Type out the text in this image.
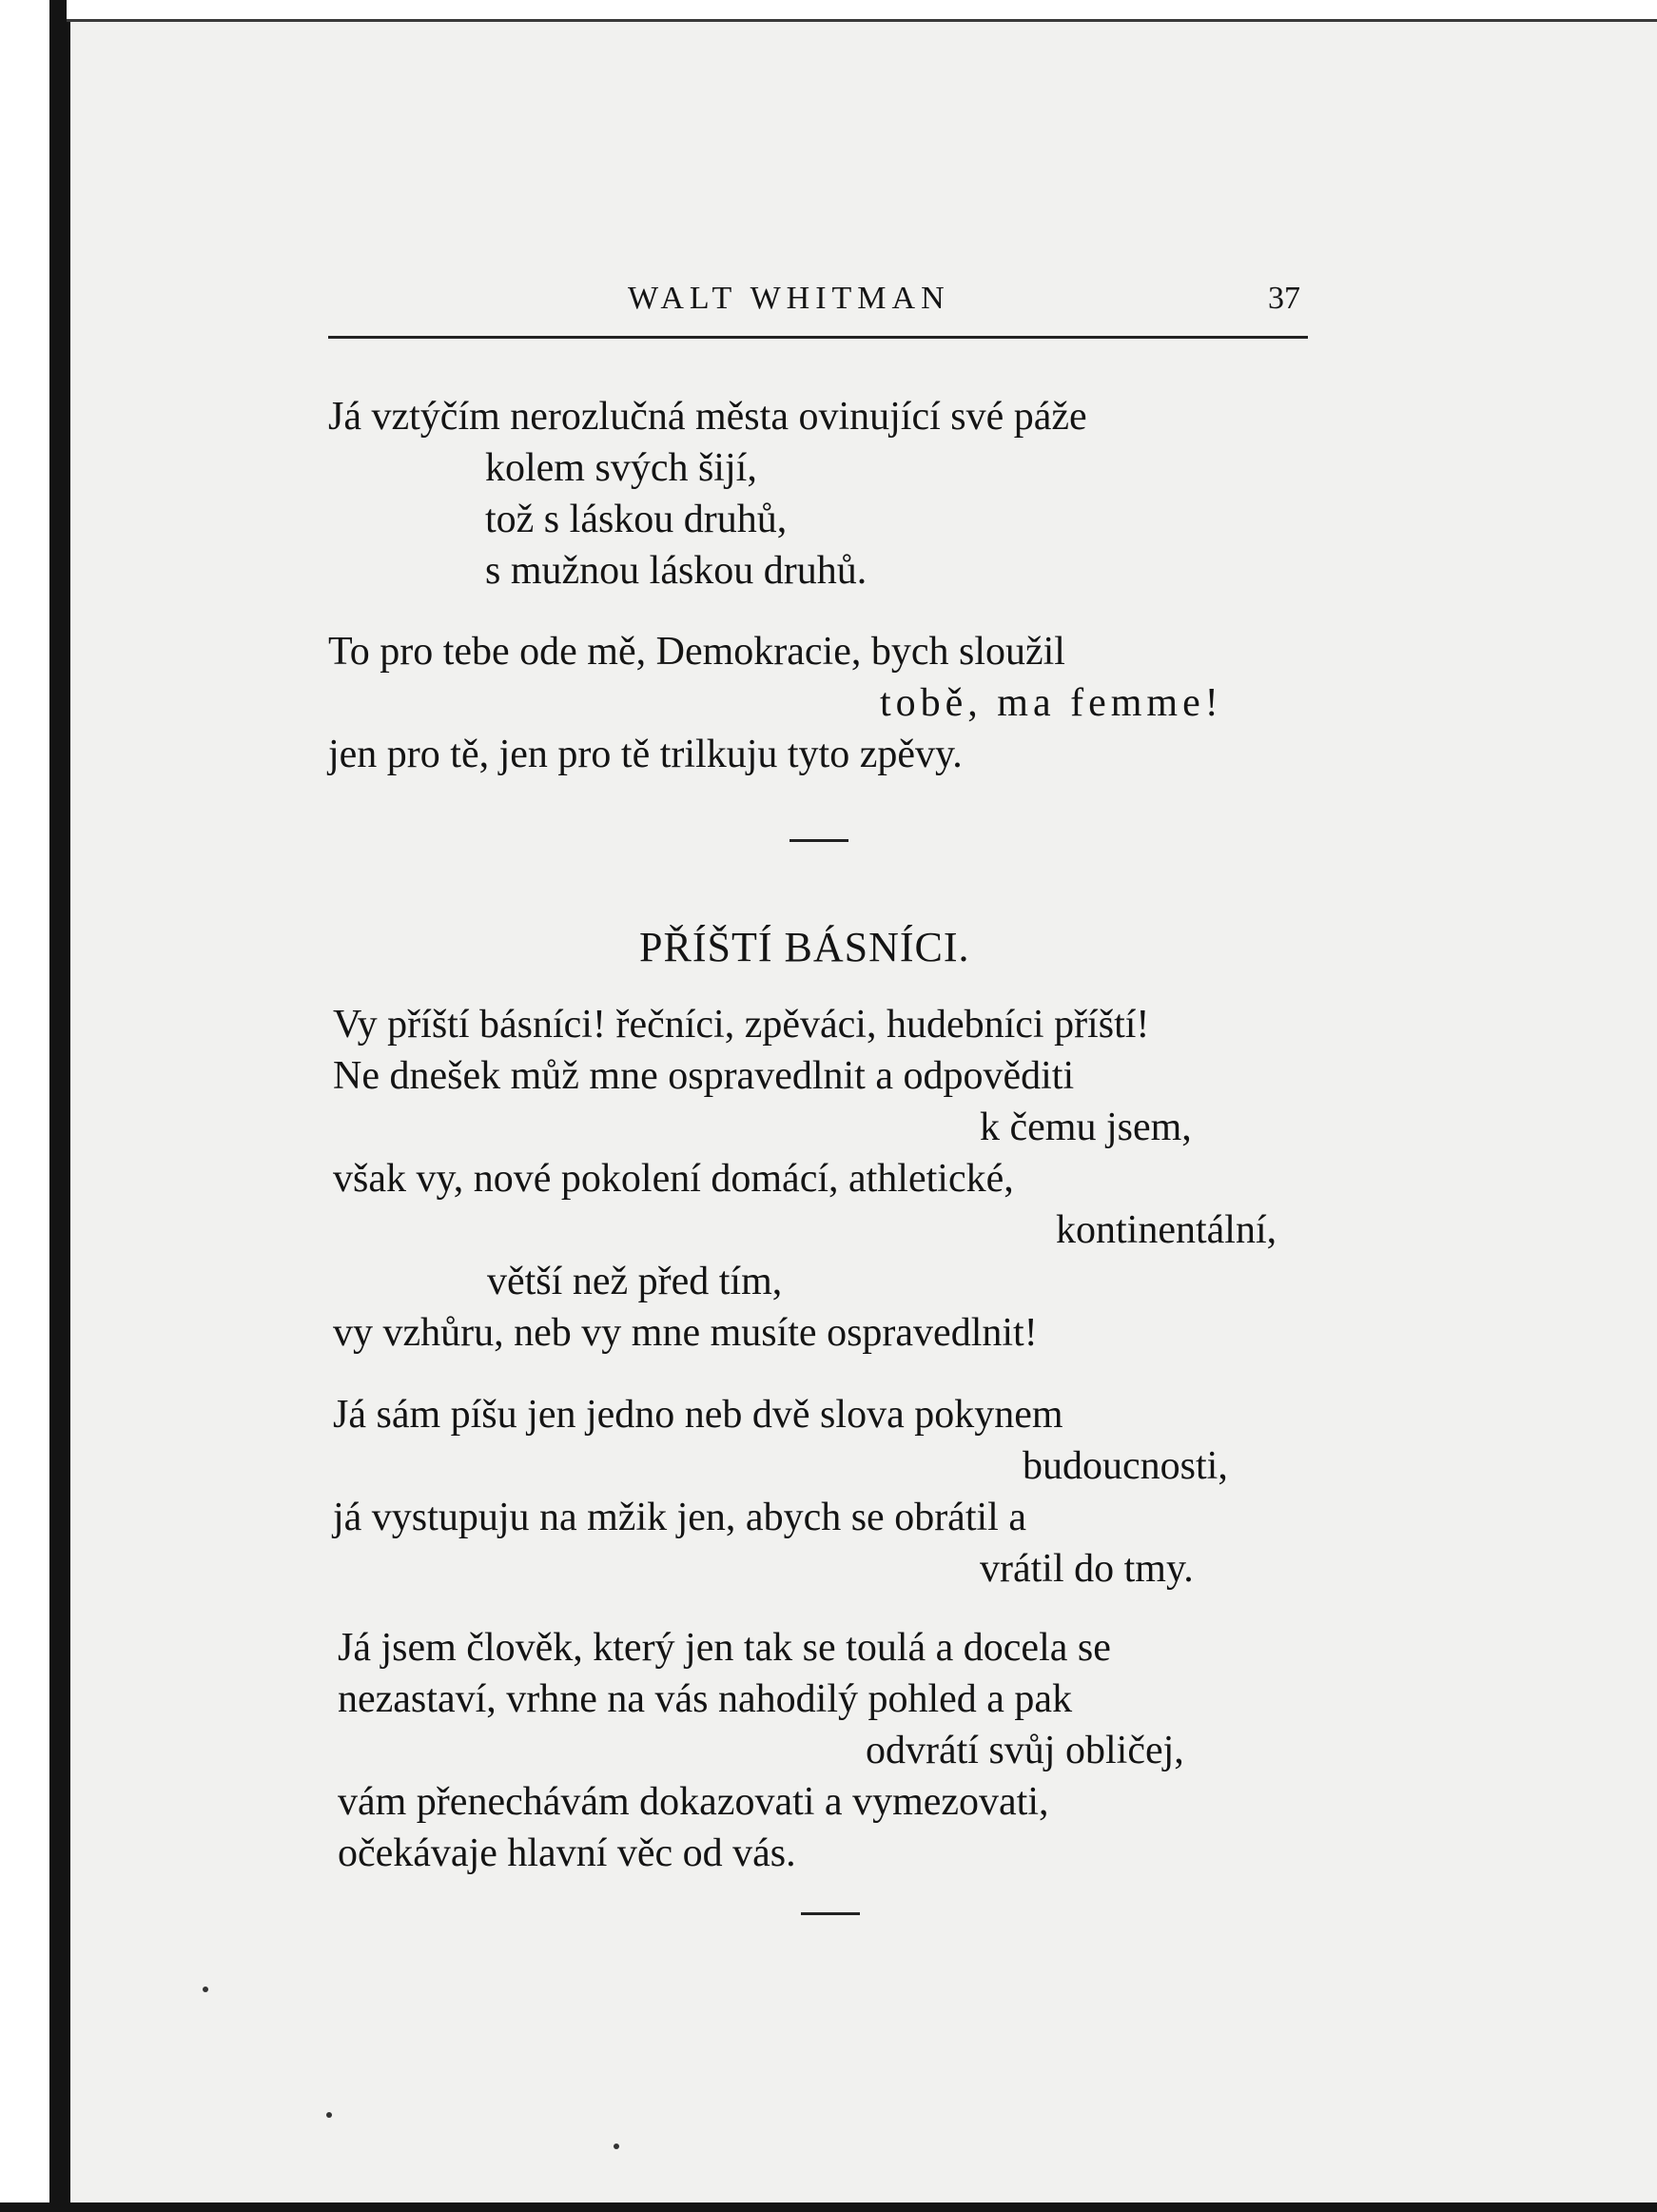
WALT WHITMAN	37
Já vztýčím nerozlučná města ovinující své páže
kolem svých šijí,
tož s láskou druhů,
s mužnou láskou druhů.
To pro tebe ode mě, Demokracie, bych sloužil
tobě, ma femme!
jen pro tě, jen pro tě trilkuju tyto zpěvy.
PŘÍŠTÍ BÁSNÍCI.
Vy příští básníci! řečníci, zpěváci, hudebníci příští!
Ne dnešek můž mne ospravedlnit a odpověditi
k čemu jsem,
však vy, nové pokolení domácí, athletické,
kontinentální,
větší než před tím,
vy vzhůru, neb vy mne musíte ospravedlnit!
Já sám píšu jen jedno neb dvě slova pokynem
budoucnosti,
já vystupuju na mžik jen, abych se obrátil a
vrátil do tmy.
Já jsem člověk, který jen tak se toulá a docela se
nezastaví, vrhne na vás nahodilý pohled a pak
odvrátí svůj obličej,
vám přenechávám dokazovati a vymezovati,
očekávaje hlavní věc od vás.
